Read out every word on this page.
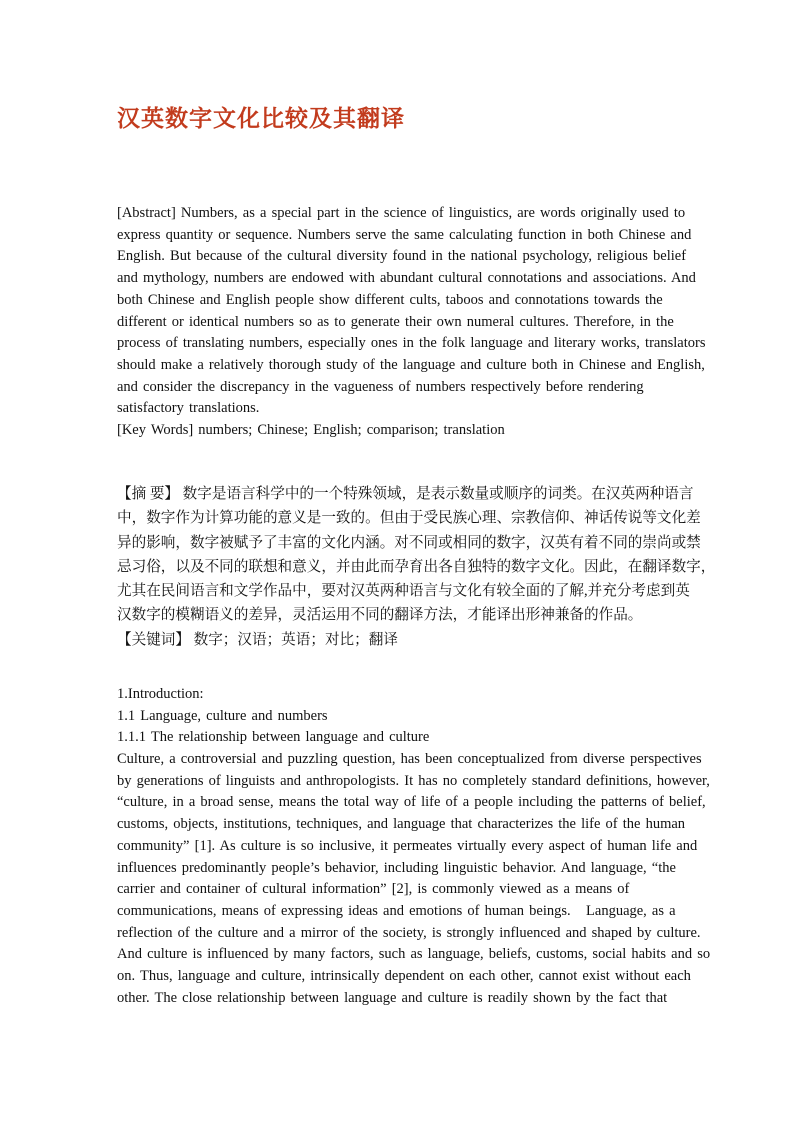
汉英数字文化比较及其翻译
[Abstract] Numbers, as a special part in the science of linguistics, are words originally used to
express quantity or sequence. Numbers serve the same calculating function in both Chinese and
English. But because of the cultural diversity found in the national psychology, religious belief
and mythology, numbers are endowed with abundant cultural connotations and associations. And
both Chinese and English people show different cults, taboos and connotations towards the
different or identical numbers so as to generate their own numeral cultures. Therefore, in the
process of translating numbers, especially ones in the folk language and literary works, translators
should make a relatively thorough study of the language and culture both in Chinese and English,
and consider the discrepancy in the vagueness of numbers respectively before rendering
satisfactory translations.
[Key Words] numbers; Chinese; English; comparison; translation
【摘 要】 数字是语言科学中的一个特殊领域，是表示数量或顺序的词类。在汉英两种语言
中，数字作为计算功能的意义是一致的。但由于受民族心理、宗教信仰、神话传说等文化差
异的影响，数字被赋予了丰富的文化内涵。对不同或相同的数字，汉英有着不同的崇尚或禁
忌习俗，以及不同的联想和意义，并由此而孕育出各自独特的数字文化。因此，在翻译数字，
尤其在民间语言和文学作品中，要对汉英两种语言与文化有较全面的了解,并充分考虑到英
汉数字的模糊语义的差异，灵活运用不同的翻译方法，才能译出形神兼备的作品。
【关键词】 数字；汉语；英语；对比；翻译
1.Introduction:
1.1 Language, culture and numbers
1.1.1 The relationship between language and culture
Culture, a controversial and puzzling question, has been conceptualized from diverse perspectives
by generations of linguists and anthropologists. It has no completely standard definitions, however,
“culture, in a broad sense, means the total way of life of a people including the patterns of belief,
customs, objects, institutions, techniques, and language that characterizes the life of the human
community” [1]. As culture is so inclusive, it permeates virtually every aspect of human life and
influences predominantly people’s behavior, including linguistic behavior. And language, “the
carrier and container of cultural information” [2], is commonly viewed as a means of
communications, means of expressing ideas and emotions of human beings.   Language, as a
reflection of the culture and a mirror of the society, is strongly influenced and shaped by culture.
And culture is influenced by many factors, such as language, beliefs, customs, social habits and so
on. Thus, language and culture, intrinsically dependent on each other, cannot exist without each
other. The close relationship between language and culture is readily shown by the fact that
